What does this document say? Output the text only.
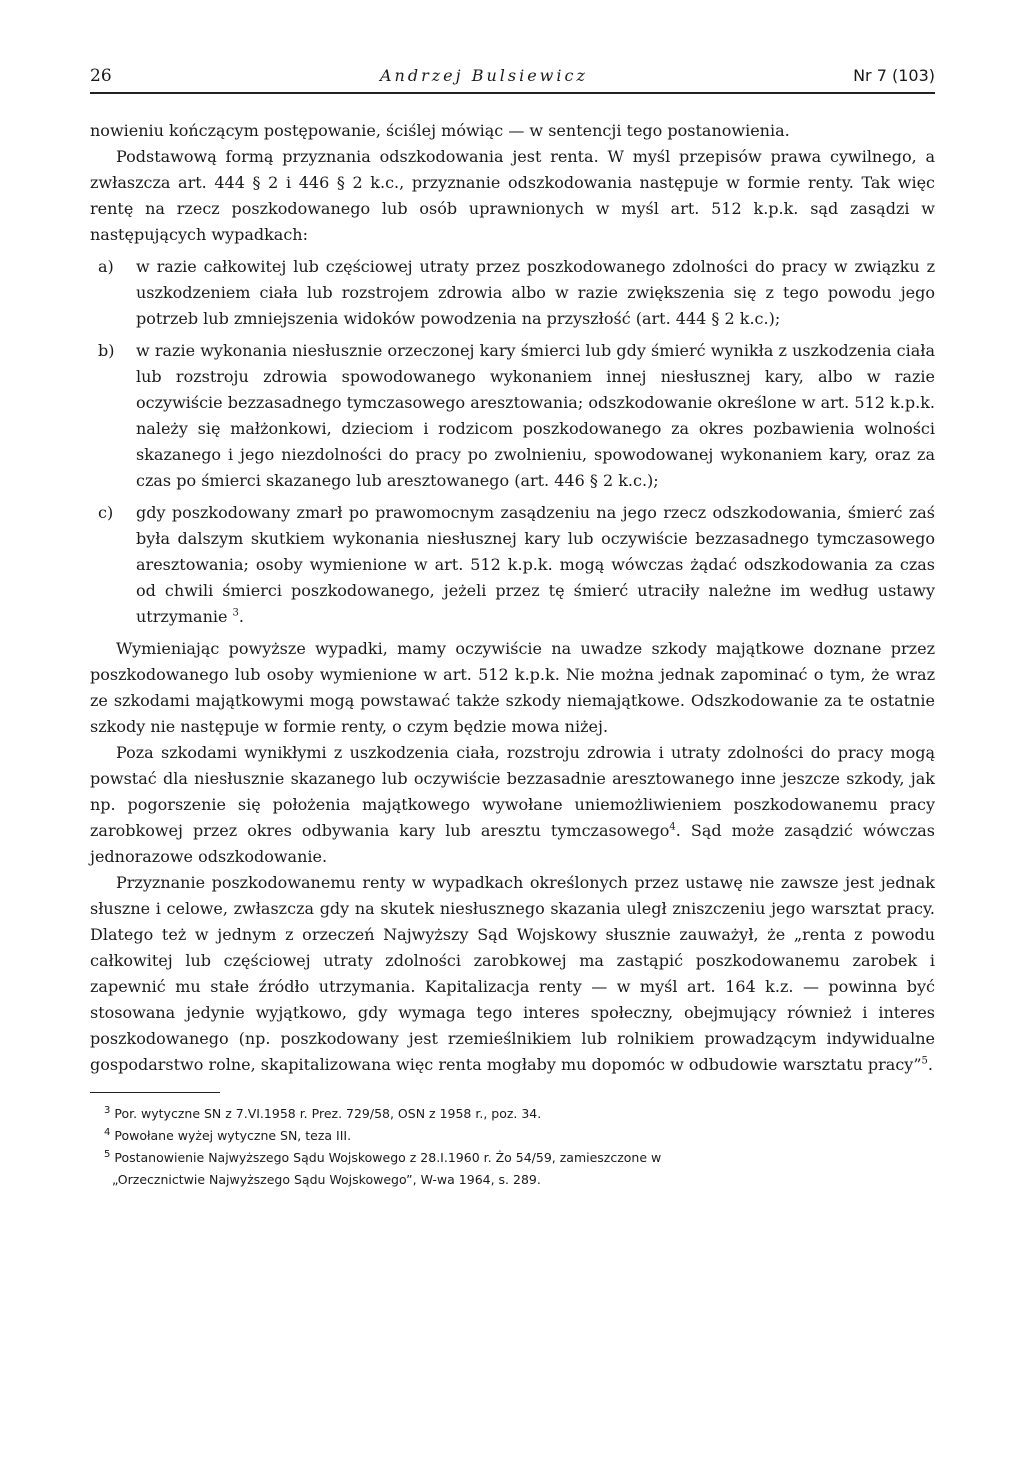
26	Andrzej Bulsiewicz	Nr 7 (103)

nowieniu kończącym postępowanie, ściślej mówiąc — w sentencji tego postanowienia.

Podstawową formą przyznania odszkodowania jest renta. W myśl przepisów prawa cywilnego, a zwłaszcza art. 444 § 2 i 446 § 2 k.c., przyznanie odszkodowania następuje w formie renty. Tak więc rentę na rzecz poszkodowanego lub osób uprawnionych w myśl art. 512 k.p.k. sąd zasądzi w następujących wypadkach:

a) w razie całkowitej lub częściowej utraty przez poszkodowanego zdolności do pracy w związku z uszkodzeniem ciała lub rozstrojem zdrowia albo w razie zwiększenia się z tego powodu jego potrzeb lub zmniejszenia widoków powodzenia na przyszłość (art. 444 § 2 k.c.);
b) w razie wykonania niesłusznie orzeczonej kary śmierci lub gdy śmierć wynikła z uszkodzenia ciała lub rozstroju zdrowia spowodowanego wykonaniem innej niesłusznej kary, albo w razie oczywiście bezzasadnego tymczasowego aresztowania; odszkodowanie określone w art. 512 k.p.k. należy się małżonkowi, dzieciom i rodzicom poszkodowanego za okres pozbawienia wolności skazanego i jego niezdolności do pracy po zwolnieniu, spowodowanej wykonaniem kary, oraz za czas po śmierci skazanego lub aresztowanego (art. 446 § 2 k.c.);
c) gdy poszkodowany zmarł po prawomocnym zasądzeniu na jego rzecz odszkodowania, śmierć zaś była dalszym skutkiem wykonania niesłusznej kary lub oczywiście bezzasadnego tymczasowego aresztowania; osoby wymienione w art. 512 k.p.k. mogą wówczas żądać odszkodowania za czas od chwili śmierci poszkodowanego, jeżeli przez tę śmierć utraciły należne im według ustawy utrzymanie $^3$.

Wymieniając powyższe wypadki, mamy oczywiście na uwadze szkody majątkowe doznane przez poszkodowanego lub osoby wymienione w art. 512 k.p.k. Nie można jednak zapominać o tym, że wraz ze szkodami majątkowymi mogą powstawać także szkody niemajątkowe. Odszkodowanie za te ostatnie szkody nie następuje w formie renty, o czym będzie mowa niżej.

Poza szkodami wynikłymi z uszkodzenia ciała, rozstroju zdrowia i utraty zdolności do pracy mogą powstać dla niesłusznie skazanego lub oczywiście bezzasadnie aresztowanego inne jeszcze szkody, jak np. pogorszenie się położenia majątkowego wywołane uniemożliwieniem poszkodowanemu pracy zarobkowej przez okres odbywania kary lub aresztu tymczasowego$^4$. Sąd może zasądzić wówczas jednorazowe odszkodowanie.

Przyznanie poszkodowanemu renty w wypadkach określonych przez ustawę nie zawsze jest jednak słuszne i celowe, zwłaszcza gdy na skutek niesłusznego skazania uległ zniszczeniu jego warsztat pracy. Dlatego też w jednym z orzeczeń Najwyższy Sąd Wojskowy słusznie zauważył, że „renta z powodu całkowitej lub częściowej utraty zdolności zarobkowej ma zastąpić poszkodowanemu zarobek i zapewnić mu stałe źródło utrzymania. Kapitalizacja renty — w myśl art. 164 k.z. — powinna być stosowana jedynie wyjątkowo, gdy wymaga tego interes społeczny, obejmujący również i interes poszkodowanego (np. poszkodowany jest rzemieślnikiem lub rolnikiem prowadzącym indywidualne gospodarstwo rolne, skapitalizowana więc renta mogłaby mu dopomóc w odbudowie warsztatu pracy”$^5$.

$^3$ Por. wytyczne SN z 7.VI.1958 r. Prez. 729/58, OSN z 1958 r., poz. 34.
$^4$ Powołane wyżej wytyczne SN, teza III.
$^5$ Postanowienie Najwyższego Sądu Wojskowego z 28.I.1960 r. Żo 54/59, zamieszczone w
„Orzecznictwie Najwyższego Sądu Wojskowego”, W-wa 1964, s. 289.
